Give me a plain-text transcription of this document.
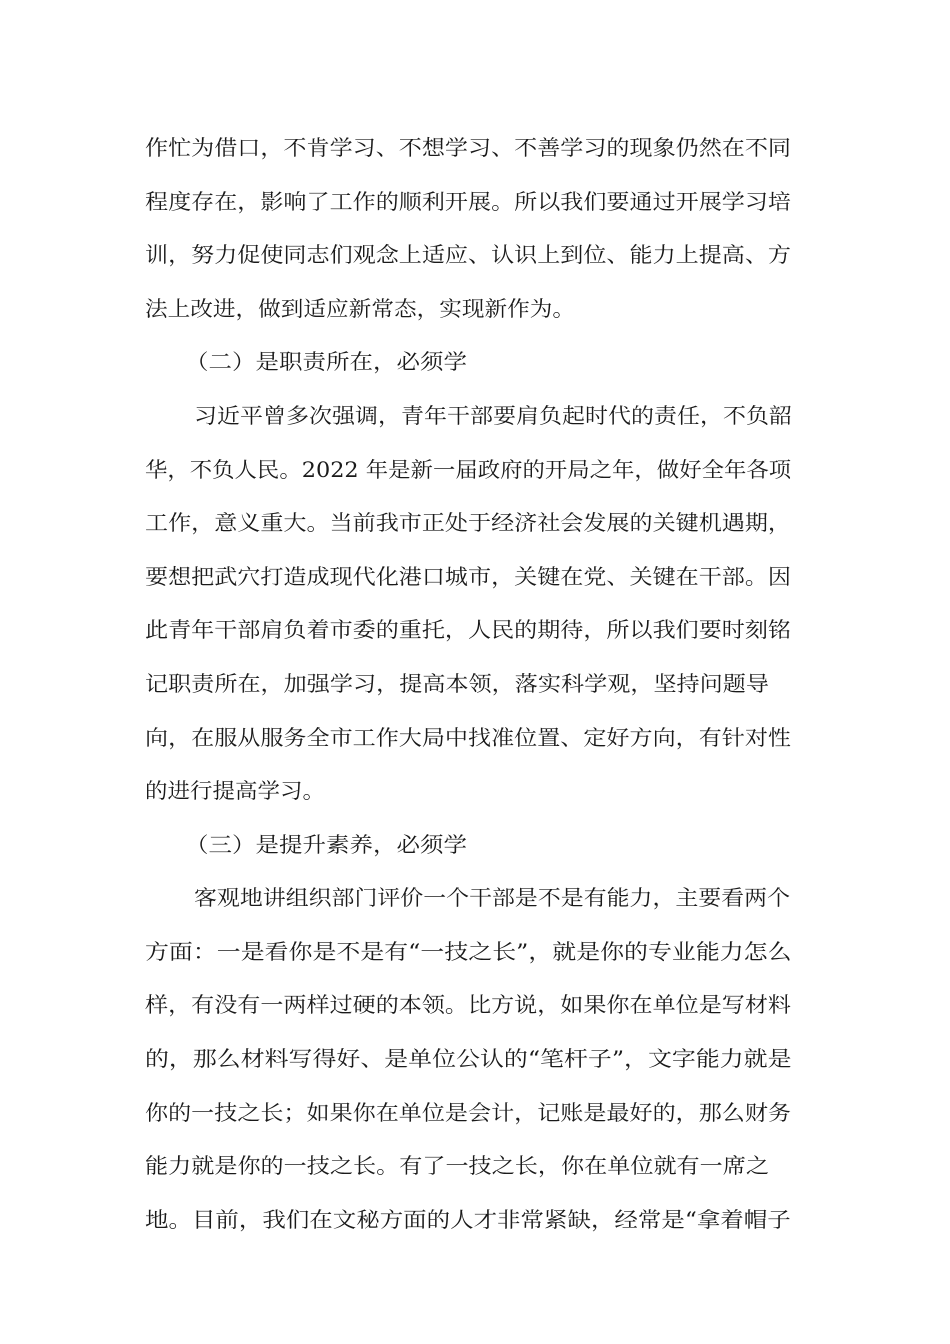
作忙为借口，不肯学习、不想学习、不善学习的现象仍然在不同
程度存在，影响了工作的顺利开展。所以我们要通过开展学习培
训，努力促使同志们观念上适应、认识上到位、能力上提高、方
法上改进，做到适应新常态，实现新作为。
（二）是职责所在，必须学
习近平曾多次强调，青年干部要肩负起时代的责任，不负韶
华，不负人民。2022 年是新一届政府的开局之年，做好全年各项
工作，意义重大。当前我市正处于经济社会发展的关键机遇期，
要想把武穴打造成现代化港口城市，关键在党、关键在干部。因
此青年干部肩负着市委的重托，人民的期待，所以我们要时刻铭
记职责所在，加强学习，提高本领，落实科学观，坚持问题导
向，在服从服务全市工作大局中找准位置、定好方向，有针对性
的进行提高学习。
（三）是提升素养，必须学
客观地讲组织部门评价一个干部是不是有能力，主要看两个
方面：一是看你是不是有“一技之长”，就是你的专业能力怎么
样，有没有一两样过硬的本领。比方说，如果你在单位是写材料
的，那么材料写得好、是单位公认的“笔杆子”，文字能力就是
你的一技之长；如果你在单位是会计，记账是最好的，那么财务
能力就是你的一技之长。有了一技之长，你在单位就有一席之
地。目前，我们在文秘方面的人才非常紧缺，经常是“拿着帽子
